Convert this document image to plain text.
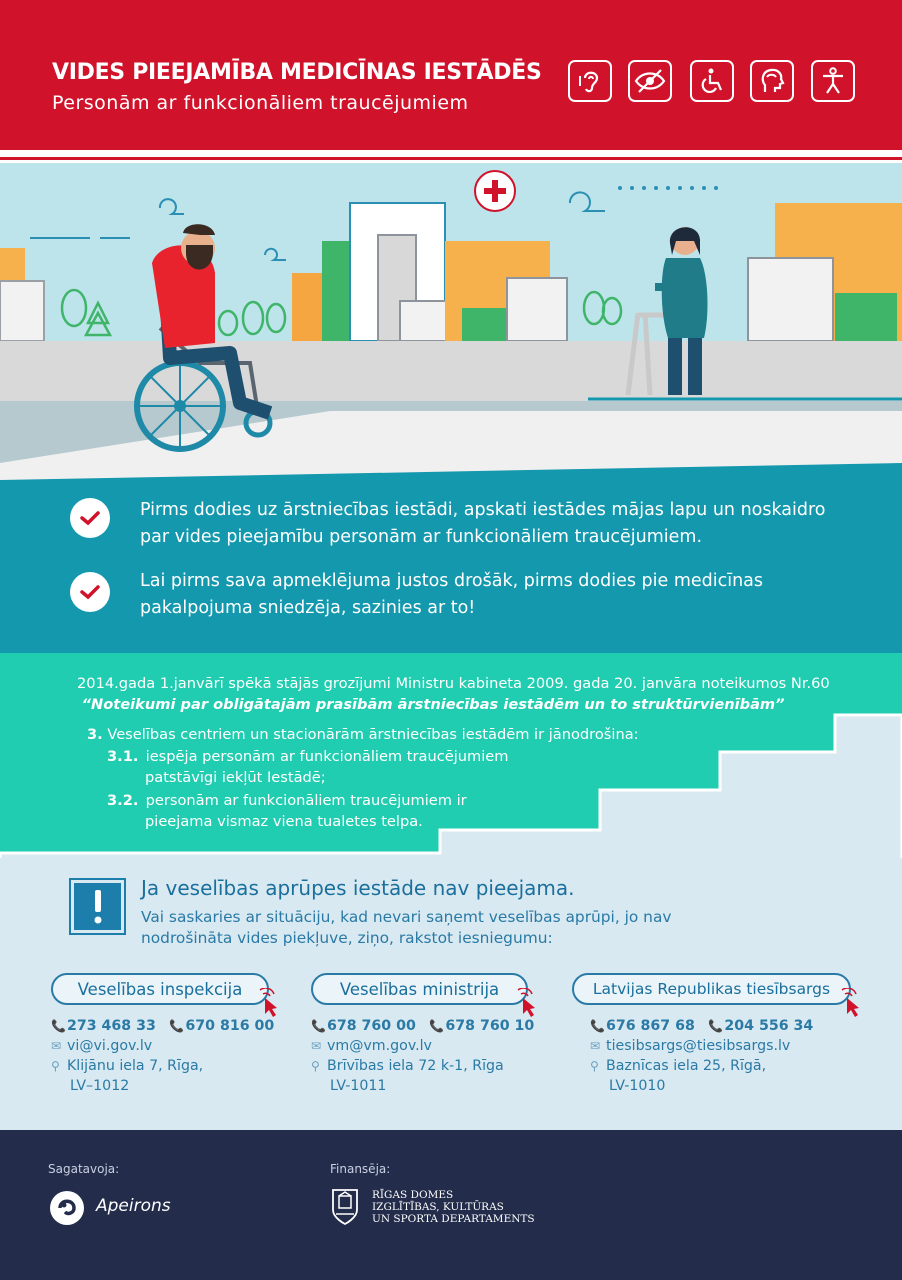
VIDES PIEEJAMĪBA MEDICĪNAS IESTĀDĒS
Personām ar funkcionāliem traucējumiem
Pirms dodies uz ārstniecības iestādi, apskati iestādes mājas lapu un noskaidro par vides pieejamību personām ar funkcionāliem traucējumiem.
Lai pirms sava apmeklējuma justos drošāk, pirms dodies pie medicīnas pakalpojuma sniedzēja, sazinies ar to!
2014.gada 1.janvārī spēkā stājās grozījumi Ministru kabineta 2009. gada 20. janvāra noteikumos Nr.60  “Noteikumi par obligātajām prasībām ārstniecības iestādēm un to struktūrvienībām”
3. Veselības centriem un stacionārām ārstniecības iestādēm ir jānodrošina:
3.1. iespēja personām ar funkcionāliem traucējumiem
patstāvīgi iekļūt Iestādē;
3.2. personām ar funkcionāliem traucējumiem ir
pieejama vismaz viena tualetes telpa.
Ja veselības aprūpes iestāde nav pieejama.
Vai saskaries ar situāciju, kad nevari saņemt veselības aprūpi, jo nav nodrošināta vides piekļuve, ziņo, rakstot iesniegumu:
Veselības inspekcija
📞273 468 33 📞670 816 00
✉ vi@vi.gov.lv
⚲ Klijānu iela 7, Rīga,
LV–1012
Veselības ministrija
📞678 760 00 📞678 760 10
✉ vm@vm.gov.lv
⚲ Brīvības iela 72 k-1, Rīga
LV-1011
Latvijas Republikas tiesībsargs
📞676 867 68 📞204 556 34
✉ tiesibsargs@tiesibsargs.lv
⚲ Baznīcas iela 25, Rīgā,
LV-1010
Sagatavoja:
Apeirons
Finansēja:
RĪGAS DOMES
IZGLĪTĪBAS, KULTŪRAS
UN SPORTA DEPARTAMENTS
